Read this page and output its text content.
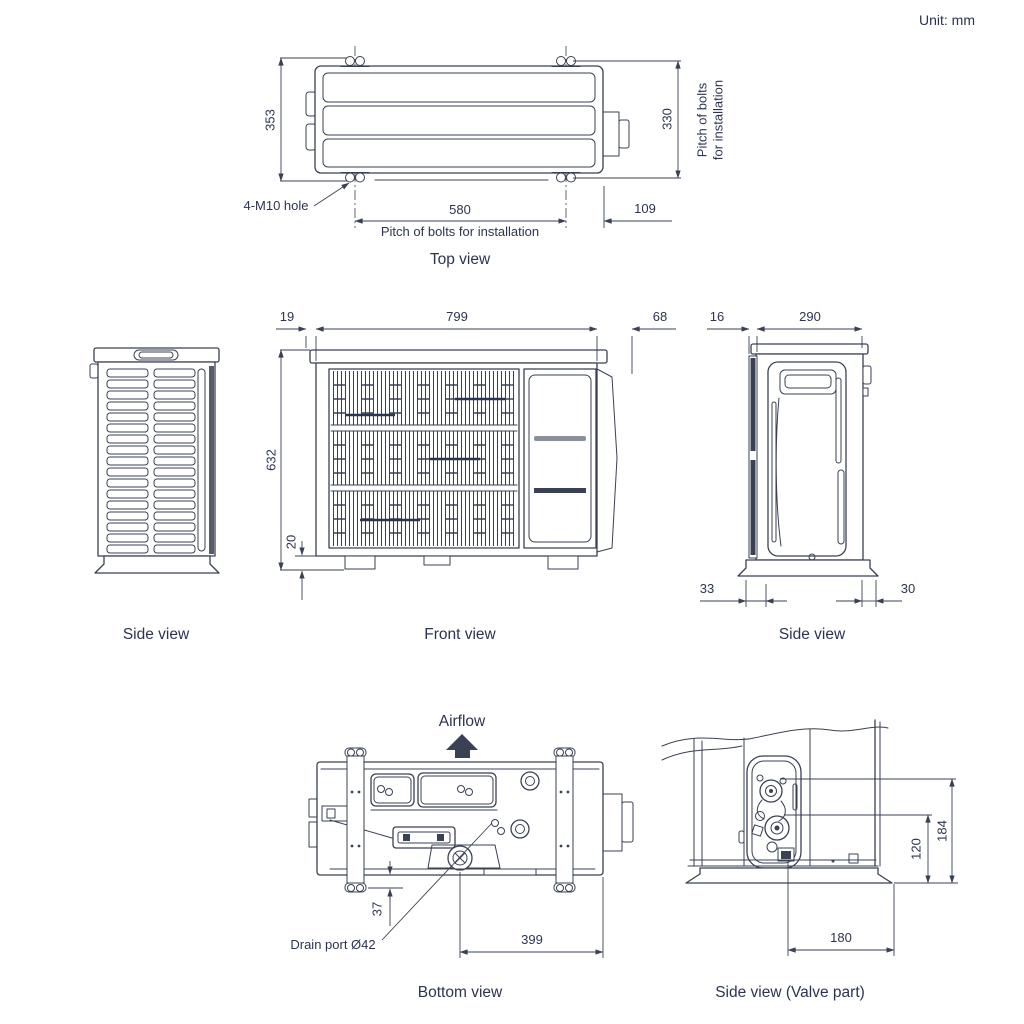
Unit: mm
353	330 Pitch of bolts for installation
580	109
Pitch of bolts for installation
4-M10 hole
Top view
Side view
19	799	68
632
20
Front view
16	290
33	30
Side view
Airflow
37
Drain port Ø42	399
Bottom view
184
120
180
Side view (Valve part)
